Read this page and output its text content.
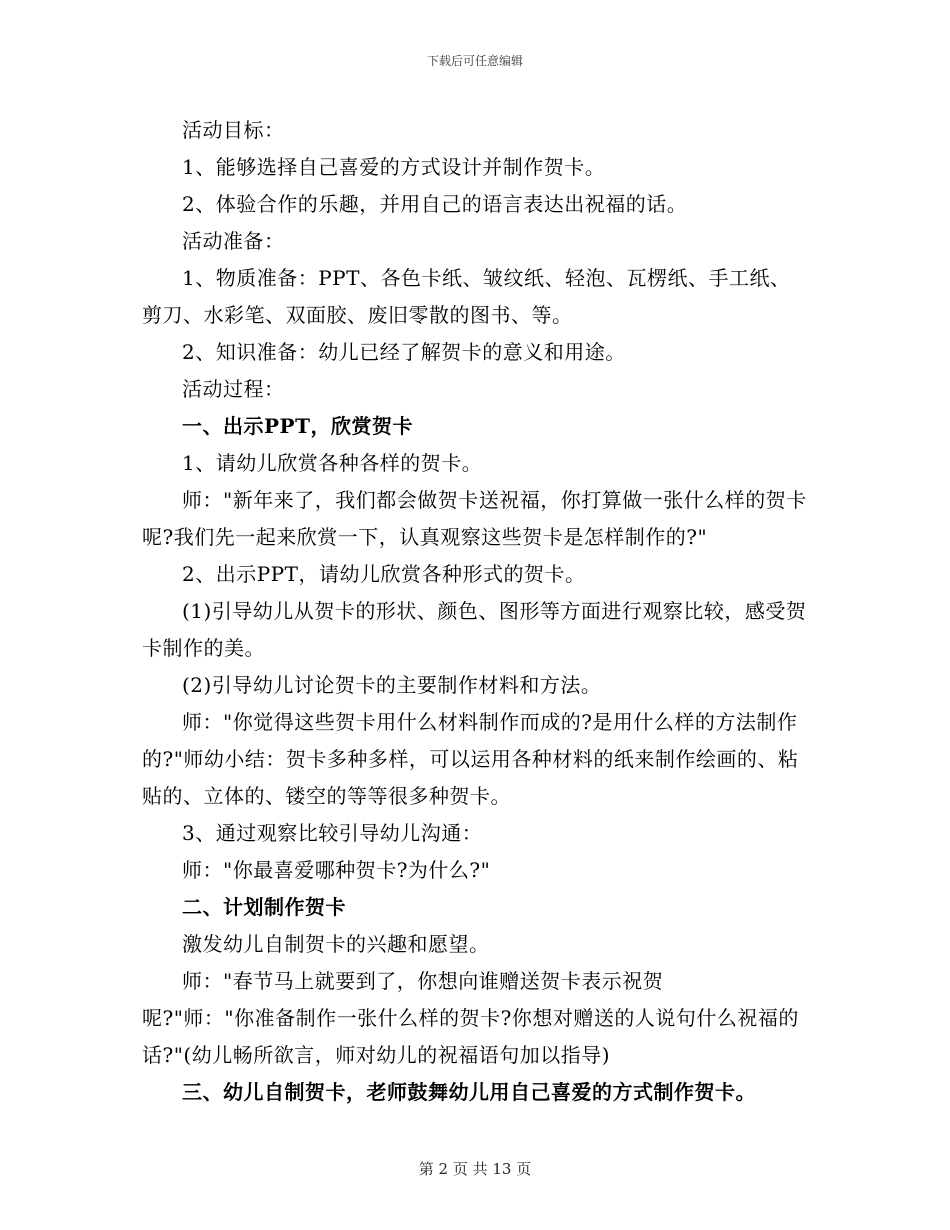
下载后可任意编辑

活动目标：

1、能够选择自己喜爱的方式设计并制作贺卡。

2、体验合作的乐趣，并用自己的语言表达出祝福的话。

活动准备：

1、物质准备：PPT、各色卡纸、皱纹纸、轻泡、瓦楞纸、手工纸、剪刀、水彩笔、双面胶、废旧零散的图书、等。

2、知识准备：幼儿已经了解贺卡的意义和用途。

活动过程：

一、出示PPT，欣赏贺卡

1、请幼儿欣赏各种各样的贺卡。

师："新年来了，我们都会做贺卡送祝福，你打算做一张什么样的贺卡呢?我们先一起来欣赏一下，认真观察这些贺卡是怎样制作的?"

2、出示PPT，请幼儿欣赏各种形式的贺卡。

(1)引导幼儿从贺卡的形状、颜色、图形等方面进行观察比较，感受贺卡制作的美。

(2)引导幼儿讨论贺卡的主要制作材料和方法。

师："你觉得这些贺卡用什么材料制作而成的?是用什么样的方法制作的?"师幼小结：贺卡多种多样，可以运用各种材料的纸来制作绘画的、粘贴的、立体的、镂空的等等很多种贺卡。

3、通过观察比较引导幼儿沟通：

师："你最喜爱哪种贺卡?为什么?"

二、计划制作贺卡

激发幼儿自制贺卡的兴趣和愿望。

师："春节马上就要到了，你想向谁赠送贺卡表示祝贺

呢?"师："你准备制作一张什么样的贺卡?你想对赠送的人说句什么祝福的话?"(幼儿畅所欲言，师对幼儿的祝福语句加以指导)

三、幼儿自制贺卡，老师鼓舞幼儿用自己喜爱的方式制作贺卡。

第 2 页 共 13 页
